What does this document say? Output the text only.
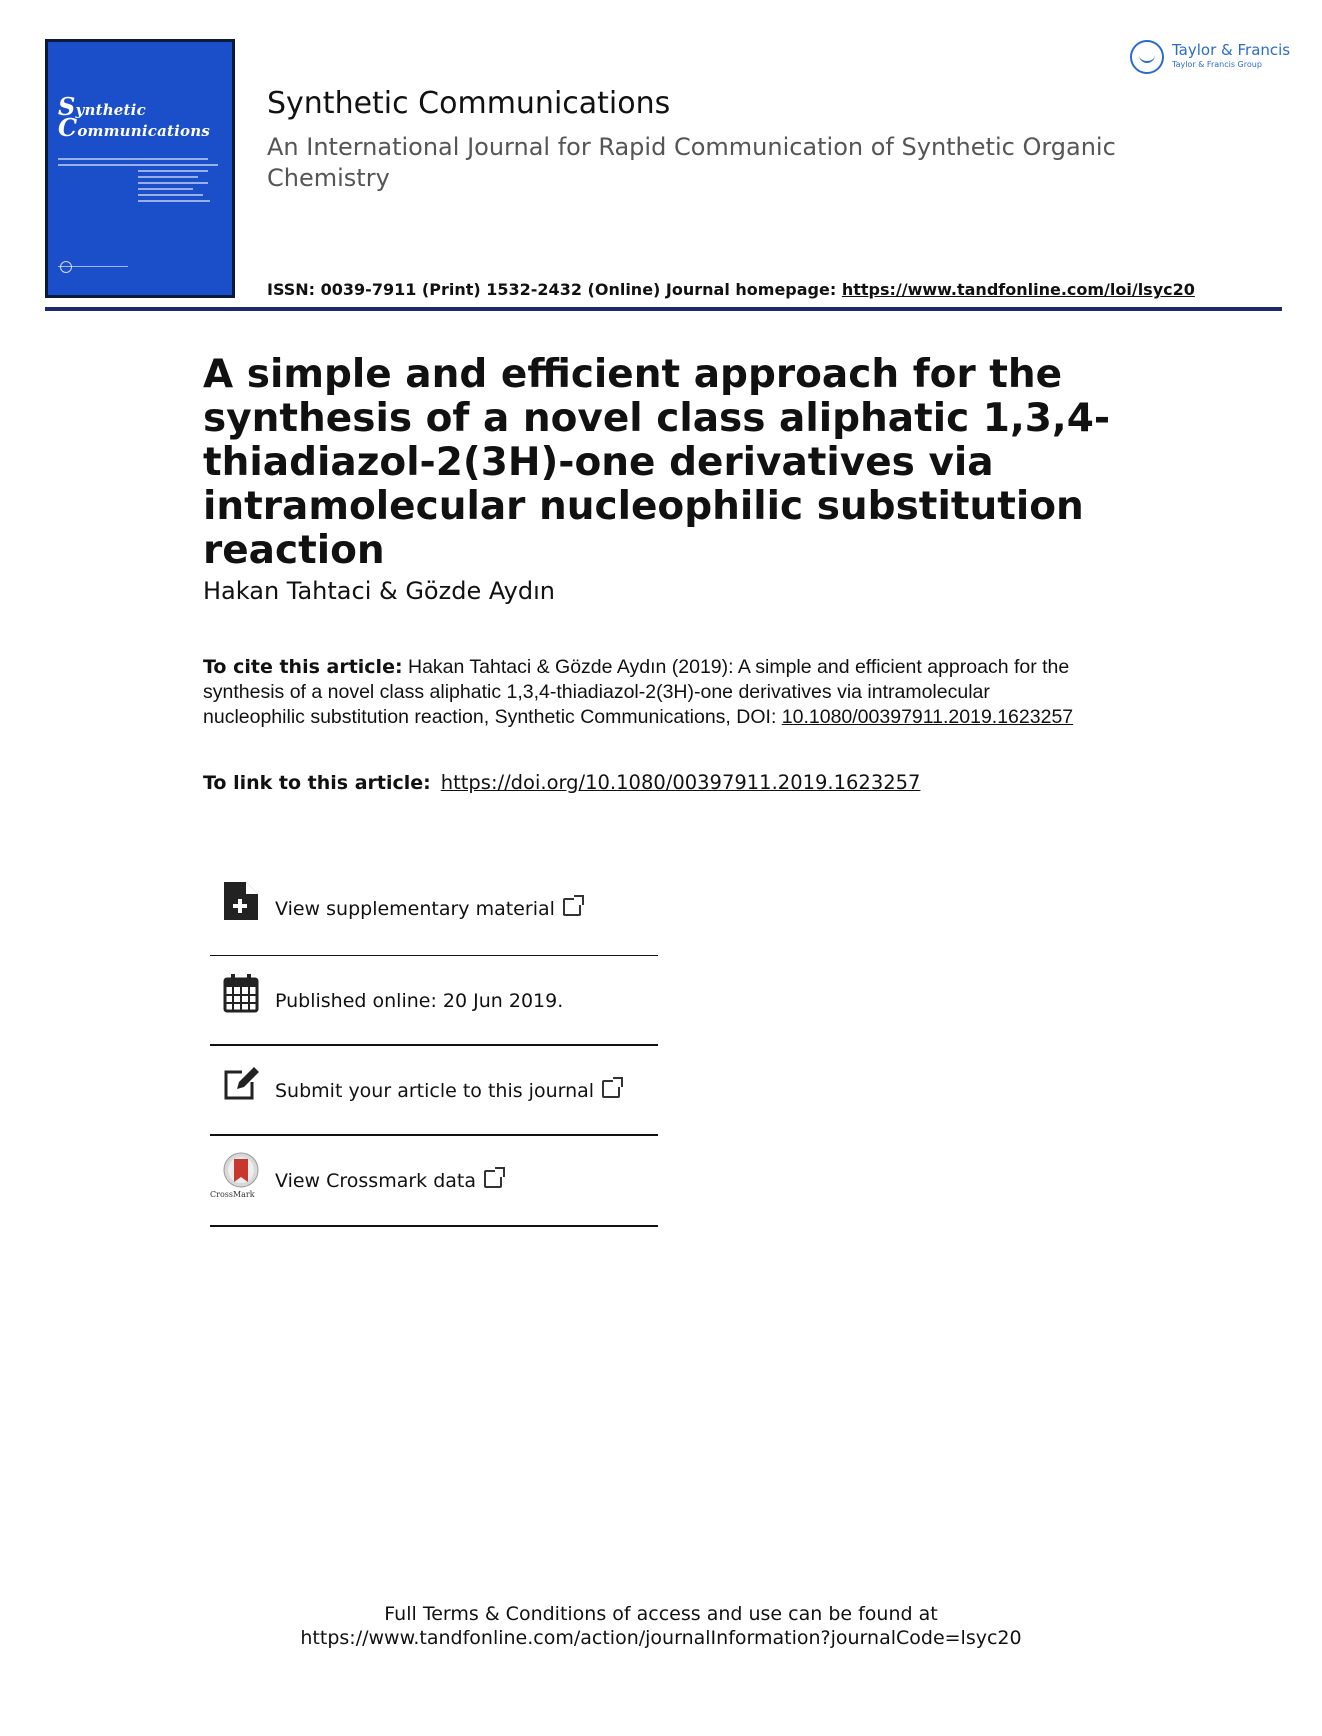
Synthetic
Communications
Synthetic Communications
An International Journal for Rapid Communication of Synthetic Organic Chemistry
ISSN: 0039-7911 (Print) 1532-2432 (Online) Journal homepage: https://www.tandfonline.com/loi/lsyc20
Taylor & Francis
Taylor & Francis Group
A simple and efficient approach for the synthesis of a novel class aliphatic 1,3,4-thiadiazol-2(3H)-one derivatives via intramolecular nucleophilic substitution reaction
Hakan Tahtaci & Gözde Aydın
To cite this article: Hakan Tahtaci & Gözde Aydın (2019): A simple and efficient approach for the synthesis of a novel class aliphatic 1,3,4-thiadiazol-2(3H)-one derivatives via intramolecular nucleophilic substitution reaction, Synthetic Communications, DOI: 10.1080/00397911.2019.1623257
To link to this article: https://doi.org/10.1080/00397911.2019.1623257
View supplementary material
Published online: 20 Jun 2019.
Submit your article to this journal
CrossMark
View Crossmark data
Full Terms & Conditions of access and use can be found at
https://www.tandfonline.com/action/journalInformation?journalCode=lsyc20
